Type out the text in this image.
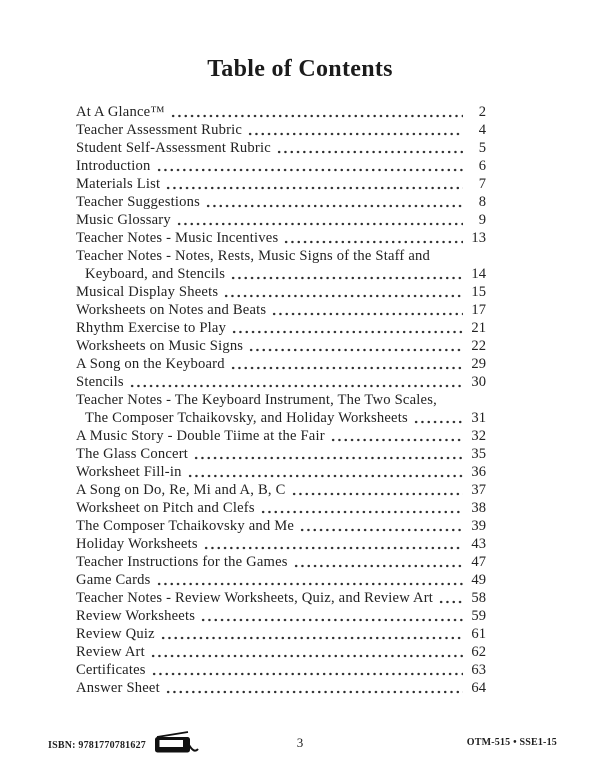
Table of Contents
At A Glance™	2
Teacher Assessment Rubric	4
Student Self-Assessment Rubric	5
Introduction	6
Materials List	7
Teacher Suggestions	8
Music Glossary	9
Teacher Notes - Music Incentives	13
Teacher Notes - Notes, Rests, Music Signs of the Staff and
Keyboard, and Stencils	14
Musical Display Sheets	15
Worksheets on Notes and Beats	17
Rhythm Exercise to Play	21
Worksheets on Music Signs	22
A Song on the Keyboard	29
Stencils	30
Teacher Notes - The Keyboard Instrument, The Two Scales,
The Composer Tchaikovsky, and Holiday Worksheets	31
A Music Story - Double Tiime at the Fair	32
The Glass Concert	35
Worksheet Fill-in	36
A Song on Do, Re, Mi and A, B, C	37
Worksheet on Pitch and Clefs	38
The Composer Tchaikovsky and Me	39
Holiday Worksheets	43
Teacher Instructions for the Games	47
Game Cards	49
Teacher Notes - Review Worksheets, Quiz, and Review Art	58
Review Worksheets	59
Review Quiz	61
Review Art	62
Certificates	63
Answer Sheet	64
ISBN: 9781770781627	3	OTM-515 • SSE1-15
